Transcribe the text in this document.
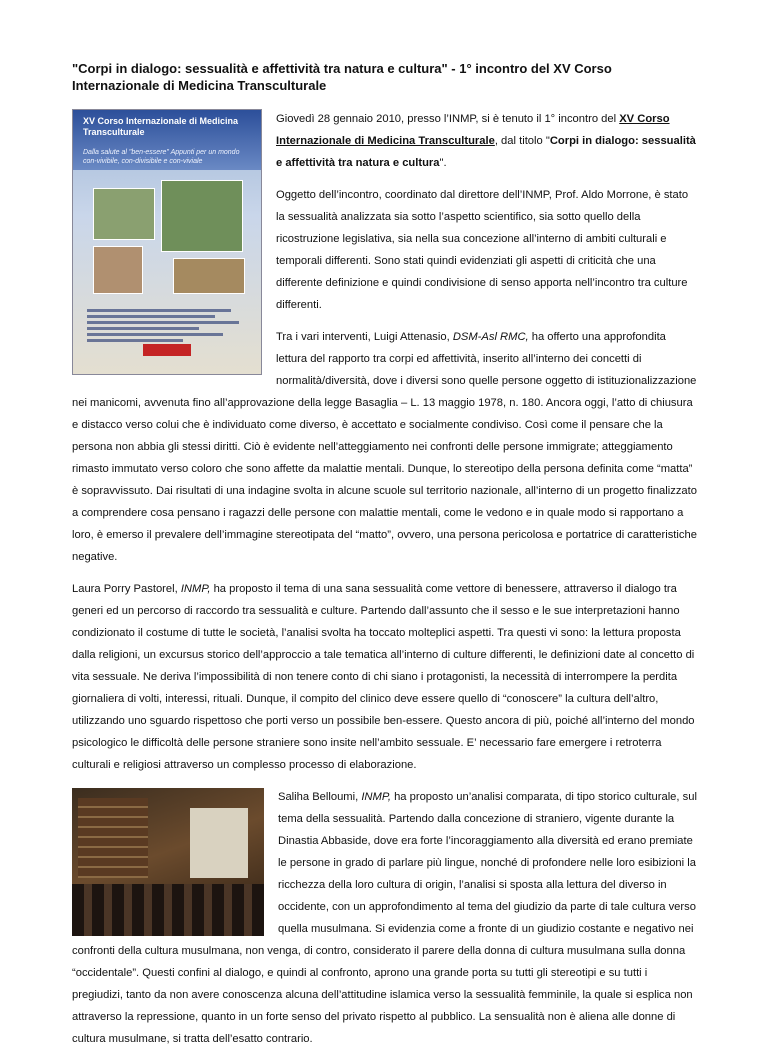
"Corpi in dialogo: sessualità e affettività tra natura e cultura" - 1° incontro del XV Corso Internazionale di Medicina Transculturale

XV Corso Internazionale di Medicina Transculturale
Dalla salute al "ben-essere" Appunti per un mondo con-vivibile, con-divisibile e con-viviale

Giovedì 28 gennaio 2010, presso l’INMP, si è tenuto il 1° incontro del XV Corso Internazionale di Medicina Transculturale, dal titolo "Corpi in dialogo: sessualità e affettività tra natura e cultura".

Oggetto dell’incontro, coordinato dal direttore dell’INMP, Prof. Aldo Morrone, è stato la sessualità analizzata sia sotto l’aspetto scientifico, sia sotto quello della ricostruzione legislativa, sia nella sua concezione all’interno di ambiti culturali e temporali differenti. Sono stati quindi evidenziati gli aspetti di criticità che una differente definizione e quindi condivisione di senso apporta nell’incontro tra culture differenti.

Tra i vari interventi, Luigi Attenasio, DSM-Asl RMC, ha offerto una approfondita lettura del rapporto tra corpi ed affettività, inserito all’interno dei concetti di normalità/diversità, dove i diversi sono quelle persone oggetto di istituzionalizzazione nei manicomi, avvenuta fino all’approvazione della legge Basaglia – L. 13 maggio 1978, n. 180. Ancora oggi, l’atto di chiusura e distacco verso colui che è individuato come diverso, è accettato e socialmente condiviso. Così come il pensare che la persona non abbia gli stessi diritti. Ciò è evidente nell’atteggiamento nei confronti delle persone immigrate; atteggiamento rimasto immutato verso coloro che sono affette da malattie mentali. Dunque, lo stereotipo della persona definita come “matta” è sopravvissuto. Dai risultati di una indagine svolta in alcune scuole sul territorio nazionale, all’interno di un progetto finalizzato a comprendere cosa pensano i ragazzi delle persone con malattie mentali, come le vedono e in quale modo si rapportano a loro, è emerso il prevalere dell’immagine stereotipata del “matto”, ovvero, una persona pericolosa e portatrice di caratteristiche negative.

Laura Porry Pastorel, INMP, ha proposto il tema di una sana sessualità come vettore di benessere, attraverso il dialogo tra generi ed un percorso di raccordo tra sessualità e culture. Partendo dall’assunto che il sesso e le sue interpretazioni hanno condizionato il costume di tutte le società, l’analisi svolta ha toccato molteplici aspetti. Tra questi vi sono: la lettura proposta dalla religioni, un excursus storico dell’approccio a tale tematica all’interno di culture differenti, le definizioni date al concetto di vita sessuale. Ne deriva l’impossibilità di non tenere conto di chi siano i protagonisti, la necessità di interrompere la perdita giornaliera di volti, interessi, rituali. Dunque, il compito del clinico deve essere quello di “conoscere” la cultura dell’altro, utilizzando uno sguardo rispettoso che porti verso un possibile ben-essere. Questo ancora di più, poiché all’interno del mondo psicologico le difficoltà delle persone straniere sono insite nell’ambito sessuale. E’ necessario fare emergere i retroterra culturali e religiosi attraverso un complesso processo di elaborazione.

Saliha Belloumi, INMP, ha proposto un’analisi comparata, di tipo storico culturale, sul tema della sessualità. Partendo dalla concezione di straniero, vigente durante la Dinastia Abbaside, dove era forte l’incoraggiamento alla diversità ed erano premiate le persone in grado di parlare più lingue, nonché di profondere nelle loro esibizioni la ricchezza della loro cultura di origin, l’analisi si sposta alla lettura del diverso in occidente, con un approfondimento al tema del giudizio da parte di tale cultura verso quella musulmana. Si evidenzia come a fronte di un giudizio costante e negativo nei confronti della cultura musulmana, non venga, di contro, considerato il parere della donna di cultura musulmana sulla donna “occidentale”. Questi confini al dialogo, e quindi al confronto, aprono una grande porta su tutti gli stereotipi e su tutti i pregiudizi, tanto da non avere conoscenza alcuna dell’attitudine islamica verso la sessualità femminile, la quale si esplica non attraverso la repressione, quanto in un forte senso del privato rispetto al pubblico. La sensualità non è aliena alle donne di cultura musulmane, si tratta dell’esatto contrario.
